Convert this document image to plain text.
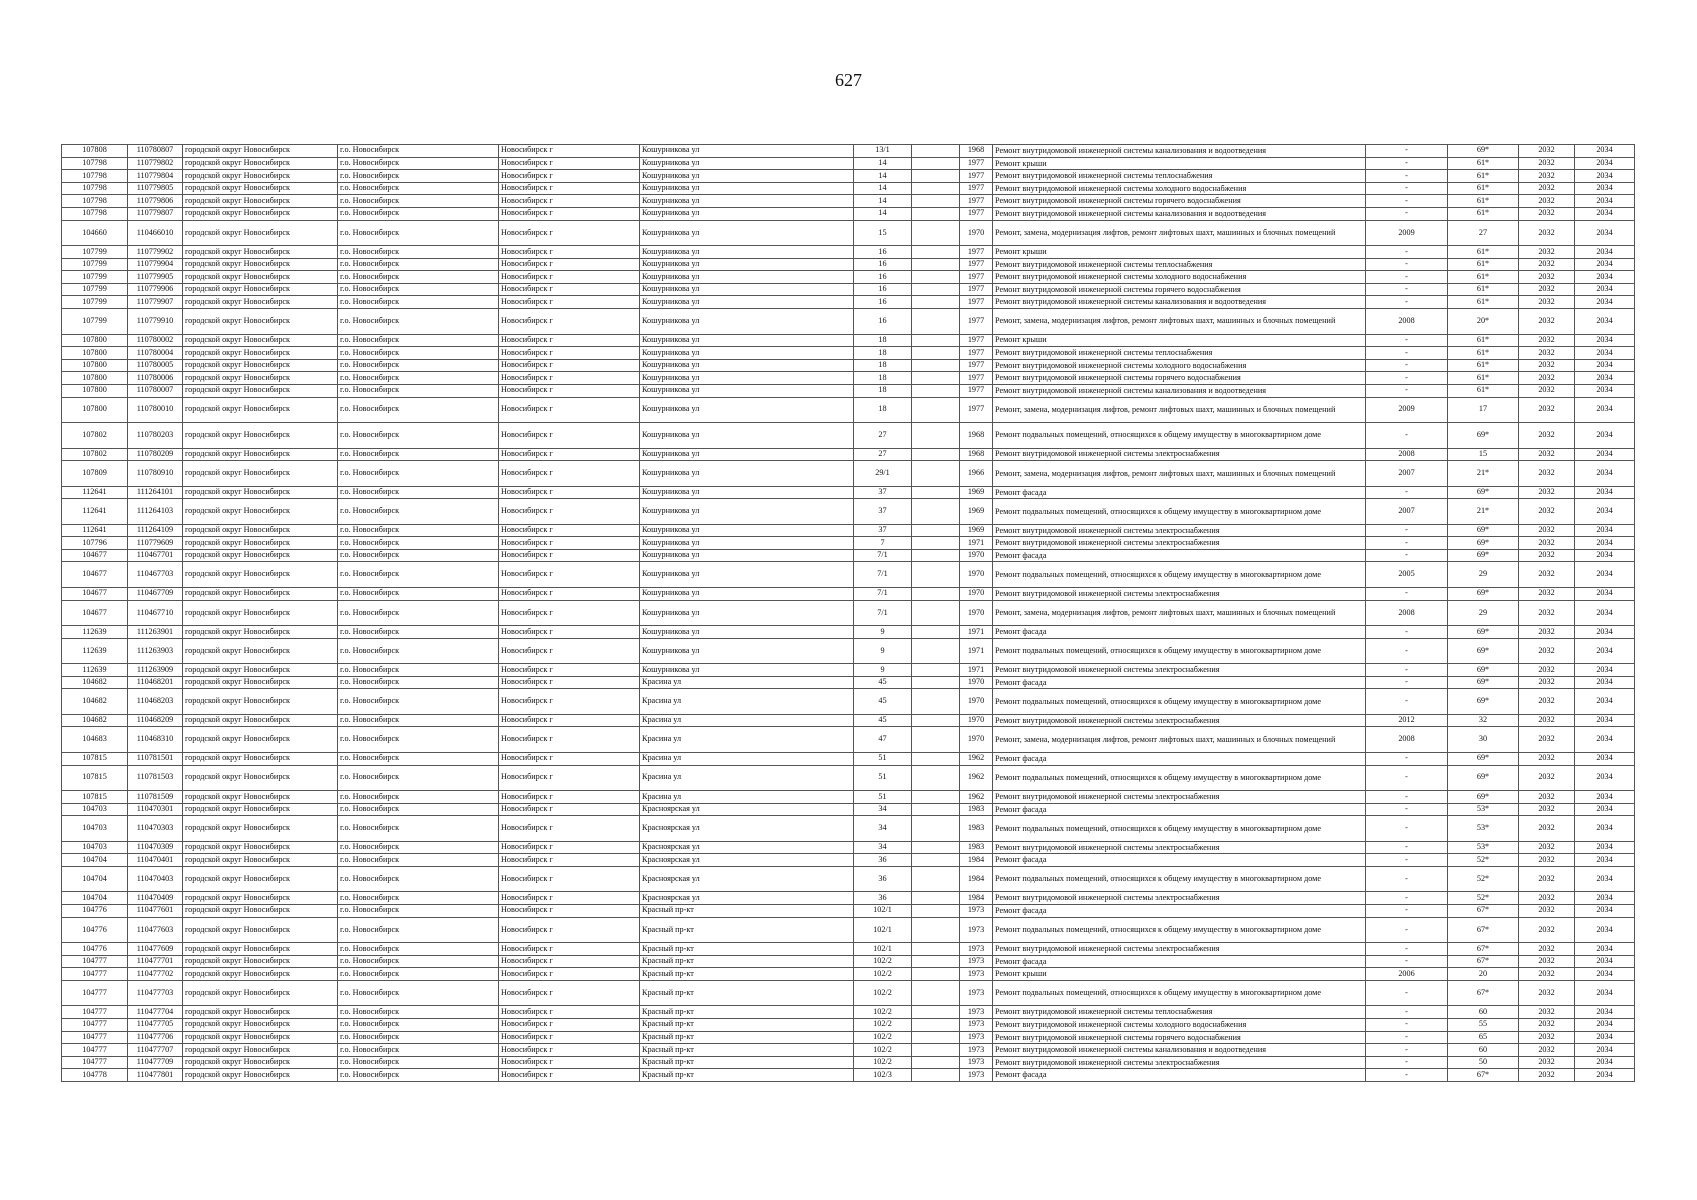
627
107808	110780807	городской округ Новосибирск	г.о. Новосибирск	Новосибирск г	Кошурникова ул	13/1		1968	Ремонт внутридомовой инженерной системы канализования и водоотведения	-	69*	2032	2034
107798	110779802	городской округ Новосибирск	г.о. Новосибирск	Новосибирск г	Кошурникова ул	14		1977	Ремонт крыши	-	61*	2032	2034
107798	110779804	городской округ Новосибирск	г.о. Новосибирск	Новосибирск г	Кошурникова ул	14		1977	Ремонт внутридомовой инженерной системы теплоснабжения	-	61*	2032	2034
107798	110779805	городской округ Новосибирск	г.о. Новосибирск	Новосибирск г	Кошурникова ул	14		1977	Ремонт внутридомовой инженерной системы холодного водоснабжения	-	61*	2032	2034
107798	110779806	городской округ Новосибирск	г.о. Новосибирск	Новосибирск г	Кошурникова ул	14		1977	Ремонт внутридомовой инженерной системы горячего водоснабжения	-	61*	2032	2034
107798	110779807	городской округ Новосибирск	г.о. Новосибирск	Новосибирск г	Кошурникова ул	14		1977	Ремонт внутридомовой инженерной системы канализования и водоотведения	-	61*	2032	2034
104660	110466010	городской округ Новосибирск	г.о. Новосибирск	Новосибирск г	Кошурникова ул	15		1970	Ремонт, замена, модернизация лифтов, ремонт лифтовых шахт, машинных и блочных помещений	2009	27	2032	2034
107799	110779902	городской округ Новосибирск	г.о. Новосибирск	Новосибирск г	Кошурникова ул	16		1977	Ремонт крыши	-	61*	2032	2034
107799	110779904	городской округ Новосибирск	г.о. Новосибирск	Новосибирск г	Кошурникова ул	16		1977	Ремонт внутридомовой инженерной системы теплоснабжения	-	61*	2032	2034
107799	110779905	городской округ Новосибирск	г.о. Новосибирск	Новосибирск г	Кошурникова ул	16		1977	Ремонт внутридомовой инженерной системы холодного водоснабжения	-	61*	2032	2034
107799	110779906	городской округ Новосибирск	г.о. Новосибирск	Новосибирск г	Кошурникова ул	16		1977	Ремонт внутридомовой инженерной системы горячего водоснабжения	-	61*	2032	2034
107799	110779907	городской округ Новосибирск	г.о. Новосибирск	Новосибирск г	Кошурникова ул	16		1977	Ремонт внутридомовой инженерной системы канализования и водоотведения	-	61*	2032	2034
107799	110779910	городской округ Новосибирск	г.о. Новосибирск	Новосибирск г	Кошурникова ул	16		1977	Ремонт, замена, модернизация лифтов, ремонт лифтовых шахт, машинных и блочных помещений	2008	20*	2032	2034
107800	110780002	городской округ Новосибирск	г.о. Новосибирск	Новосибирск г	Кошурникова ул	18		1977	Ремонт крыши	-	61*	2032	2034
107800	110780004	городской округ Новосибирск	г.о. Новосибирск	Новосибирск г	Кошурникова ул	18		1977	Ремонт внутридомовой инженерной системы теплоснабжения	-	61*	2032	2034
107800	110780005	городской округ Новосибирск	г.о. Новосибирск	Новосибирск г	Кошурникова ул	18		1977	Ремонт внутридомовой инженерной системы холодного водоснабжения	-	61*	2032	2034
107800	110780006	городской округ Новосибирск	г.о. Новосибирск	Новосибирск г	Кошурникова ул	18		1977	Ремонт внутридомовой инженерной системы горячего водоснабжения	-	61*	2032	2034
107800	110780007	городской округ Новосибирск	г.о. Новосибирск	Новосибирск г	Кошурникова ул	18		1977	Ремонт внутридомовой инженерной системы канализования и водоотведения	-	61*	2032	2034
107800	110780010	городской округ Новосибирск	г.о. Новосибирск	Новосибирск г	Кошурникова ул	18		1977	Ремонт, замена, модернизация лифтов, ремонт лифтовых шахт, машинных и блочных помещений	2009	17	2032	2034
107802	110780203	городской округ Новосибирск	г.о. Новосибирск	Новосибирск г	Кошурникова ул	27		1968	Ремонт подвальных помещений, относящихся к общему имуществу в многоквартирном доме	-	69*	2032	2034
107802	110780209	городской округ Новосибирск	г.о. Новосибирск	Новосибирск г	Кошурникова ул	27		1968	Ремонт внутридомовой инженерной системы электроснабжения	2008	15	2032	2034
107809	110780910	городской округ Новосибирск	г.о. Новосибирск	Новосибирск г	Кошурникова ул	29/1		1966	Ремонт, замена, модернизация лифтов, ремонт лифтовых шахт, машинных и блочных помещений	2007	21*	2032	2034
112641	111264101	городской округ Новосибирск	г.о. Новосибирск	Новосибирск г	Кошурникова ул	37		1969	Ремонт фасада	-	69*	2032	2034
112641	111264103	городской округ Новосибирск	г.о. Новосибирск	Новосибирск г	Кошурникова ул	37		1969	Ремонт подвальных помещений, относящихся к общему имуществу в многоквартирном доме	2007	21*	2032	2034
112641	111264109	городской округ Новосибирск	г.о. Новосибирск	Новосибирск г	Кошурникова ул	37		1969	Ремонт внутридомовой инженерной системы электроснабжения	-	69*	2032	2034
107796	110779609	городской округ Новосибирск	г.о. Новосибирск	Новосибирск г	Кошурникова ул	7		1971	Ремонт внутридомовой инженерной системы электроснабжения	-	69*	2032	2034
104677	110467701	городской округ Новосибирск	г.о. Новосибирск	Новосибирск г	Кошурникова ул	7/1		1970	Ремонт фасада	-	69*	2032	2034
104677	110467703	городской округ Новосибирск	г.о. Новосибирск	Новосибирск г	Кошурникова ул	7/1		1970	Ремонт подвальных помещений, относящихся к общему имуществу в многоквартирном доме	2005	29	2032	2034
104677	110467709	городской округ Новосибирск	г.о. Новосибирск	Новосибирск г	Кошурникова ул	7/1		1970	Ремонт внутридомовой инженерной системы электроснабжения	-	69*	2032	2034
104677	110467710	городской округ Новосибирск	г.о. Новосибирск	Новосибирск г	Кошурникова ул	7/1		1970	Ремонт, замена, модернизация лифтов, ремонт лифтовых шахт, машинных и блочных помещений	2008	29	2032	2034
112639	111263901	городской округ Новосибирск	г.о. Новосибирск	Новосибирск г	Кошурникова ул	9		1971	Ремонт фасада	-	69*	2032	2034
112639	111263903	городской округ Новосибирск	г.о. Новосибирск	Новосибирск г	Кошурникова ул	9		1971	Ремонт подвальных помещений, относящихся к общему имуществу в многоквартирном доме	-	69*	2032	2034
112639	111263909	городской округ Новосибирск	г.о. Новосибирск	Новосибирск г	Кошурникова ул	9		1971	Ремонт внутридомовой инженерной системы электроснабжения	-	69*	2032	2034
104682	110468201	городской округ Новосибирск	г.о. Новосибирск	Новосибирск г	Красина ул	45		1970	Ремонт фасада	-	69*	2032	2034
104682	110468203	городской округ Новосибирск	г.о. Новосибирск	Новосибирск г	Красина ул	45		1970	Ремонт подвальных помещений, относящихся к общему имуществу в многоквартирном доме	-	69*	2032	2034
104682	110468209	городской округ Новосибирск	г.о. Новосибирск	Новосибирск г	Красина ул	45		1970	Ремонт внутридомовой инженерной системы электроснабжения	2012	32	2032	2034
104683	110468310	городской округ Новосибирск	г.о. Новосибирск	Новосибирск г	Красина ул	47		1970	Ремонт, замена, модернизация лифтов, ремонт лифтовых шахт, машинных и блочных помещений	2008	30	2032	2034
107815	110781501	городской округ Новосибирск	г.о. Новосибирск	Новосибирск г	Красина ул	51		1962	Ремонт фасада	-	69*	2032	2034
107815	110781503	городской округ Новосибирск	г.о. Новосибирск	Новосибирск г	Красина ул	51		1962	Ремонт подвальных помещений, относящихся к общему имуществу в многоквартирном доме	-	69*	2032	2034
107815	110781509	городской округ Новосибирск	г.о. Новосибирск	Новосибирск г	Красина ул	51		1962	Ремонт внутридомовой инженерной системы электроснабжения	-	69*	2032	2034
104703	110470301	городской округ Новосибирск	г.о. Новосибирск	Новосибирск г	Красноярская ул	34		1983	Ремонт фасада	-	53*	2032	2034
104703	110470303	городской округ Новосибирск	г.о. Новосибирск	Новосибирск г	Красноярская ул	34		1983	Ремонт подвальных помещений, относящихся к общему имуществу в многоквартирном доме	-	53*	2032	2034
104703	110470309	городской округ Новосибирск	г.о. Новосибирск	Новосибирск г	Красноярская ул	34		1983	Ремонт внутридомовой инженерной системы электроснабжения	-	53*	2032	2034
104704	110470401	городской округ Новосибирск	г.о. Новосибирск	Новосибирск г	Красноярская ул	36		1984	Ремонт фасада	-	52*	2032	2034
104704	110470403	городской округ Новосибирск	г.о. Новосибирск	Новосибирск г	Красноярская ул	36		1984	Ремонт подвальных помещений, относящихся к общему имуществу в многоквартирном доме	-	52*	2032	2034
104704	110470409	городской округ Новосибирск	г.о. Новосибирск	Новосибирск г	Красноярская ул	36		1984	Ремонт внутридомовой инженерной системы электроснабжения	-	52*	2032	2034
104776	110477601	городской округ Новосибирск	г.о. Новосибирск	Новосибирск г	Красный пр-кт	102/1		1973	Ремонт фасада	-	67*	2032	2034
104776	110477603	городской округ Новосибирск	г.о. Новосибирск	Новосибирск г	Красный пр-кт	102/1		1973	Ремонт подвальных помещений, относящихся к общему имуществу в многоквартирном доме	-	67*	2032	2034
104776	110477609	городской округ Новосибирск	г.о. Новосибирск	Новосибирск г	Красный пр-кт	102/1		1973	Ремонт внутридомовой инженерной системы электроснабжения	-	67*	2032	2034
104777	110477701	городской округ Новосибирск	г.о. Новосибирск	Новосибирск г	Красный пр-кт	102/2		1973	Ремонт фасада	-	67*	2032	2034
104777	110477702	городской округ Новосибирск	г.о. Новосибирск	Новосибирск г	Красный пр-кт	102/2		1973	Ремонт крыши	2006	20	2032	2034
104777	110477703	городской округ Новосибирск	г.о. Новосибирск	Новосибирск г	Красный пр-кт	102/2		1973	Ремонт подвальных помещений, относящихся к общему имуществу в многоквартирном доме	-	67*	2032	2034
104777	110477704	городской округ Новосибирск	г.о. Новосибирск	Новосибирск г	Красный пр-кт	102/2		1973	Ремонт внутридомовой инженерной системы теплоснабжения	-	60	2032	2034
104777	110477705	городской округ Новосибирск	г.о. Новосибирск	Новосибирск г	Красный пр-кт	102/2		1973	Ремонт внутридомовой инженерной системы холодного водоснабжения	-	55	2032	2034
104777	110477706	городской округ Новосибирск	г.о. Новосибирск	Новосибирск г	Красный пр-кт	102/2		1973	Ремонт внутридомовой инженерной системы горячего водоснабжения	-	65	2032	2034
104777	110477707	городской округ Новосибирск	г.о. Новосибирск	Новосибирск г	Красный пр-кт	102/2		1973	Ремонт внутридомовой инженерной системы канализования и водоотведения	-	60	2032	2034
104777	110477709	городской округ Новосибирск	г.о. Новосибирск	Новосибирск г	Красный пр-кт	102/2		1973	Ремонт внутридомовой инженерной системы электроснабжения	-	50	2032	2034
104778	110477801	городской округ Новосибирск	г.о. Новосибирск	Новосибирск г	Красный пр-кт	102/3		1973	Ремонт фасада	-	67*	2032	2034
